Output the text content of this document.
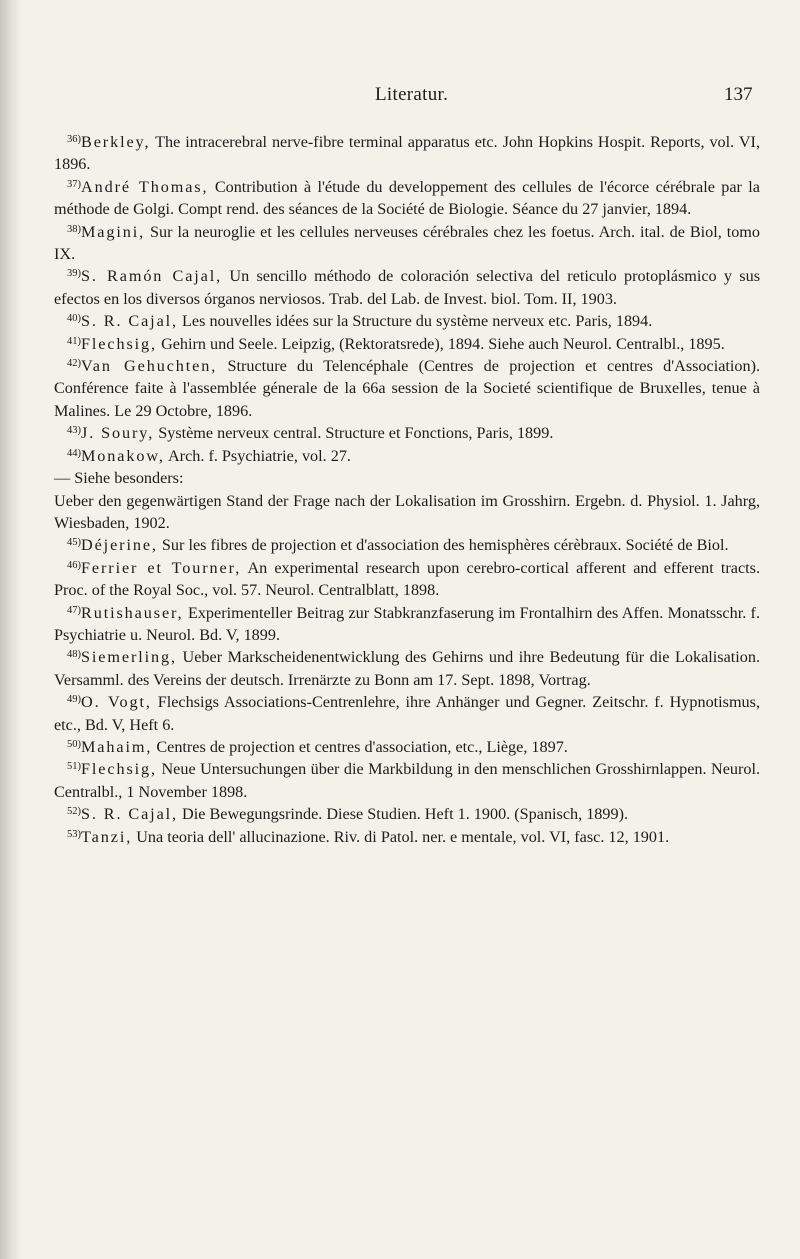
Literatur.	137

$^{36)}$Berkley, The intracerebral nerve-fibre terminal apparatus etc. John Hopkins Hospit. Reports, vol. VI, 1896.

$^{37)}$André Thomas, Contribution à l'étude du developpement des cellules de l'écorce cérébrale par la méthode de Golgi. Compt rend. des séances de la Société de Biologie. Séance du 27 janvier, 1894.

$^{38)}$Magini, Sur la neuroglie et les cellules nerveuses cérébrales chez les foetus. Arch. ital. de Biol, tomo IX.

$^{39)}$S. Ramón Cajal, Un sencillo méthodo de coloración selectiva del reticulo protoplásmico y sus efectos en los diversos órganos nerviosos. Trab. del Lab. de Invest. biol. Tom. II, 1903.

$^{40)}$S. R. Cajal, Les nouvelles idées sur la Structure du système nerveux etc. Paris, 1894.

$^{41)}$Flechsig, Gehirn und Seele. Leipzig, (Rektoratsrede), 1894. Siehe auch Neurol. Centralbl., 1895.

$^{42)}$Van Gehuchten, Structure du Telencéphale (Centres de projection et centres d'Association). Conférence faite à l'assemblée génerale de la 66a session de la Societé scientifique de Bruxelles, tenue à Malines. Le 29 Octobre, 1896.

$^{43)}$J. Soury, Système nerveux central. Structure et Fonctions, Paris, 1899.

$^{44)}$Monakow, Arch. f. Psychiatrie, vol. 27.

— Siehe besonders:

Ueber den gegenwärtigen Stand der Frage nach der Lokalisation im Grosshirn. Ergebn. d. Physiol. 1. Jahrg, Wiesbaden, 1902.

$^{45)}$Déjerine, Sur les fibres de projection et d'association des hemisphères cérèbraux. Société de Biol.

$^{46)}$Ferrier et Tourner, An experimental research upon cerebro-cortical afferent and efferent tracts. Proc. of the Royal Soc., vol. 57. Neurol. Centralblatt, 1898.

$^{47)}$Rutishauser, Experimenteller Beitrag zur Stabkranzfaserung im Frontalhirn des Affen. Monatsschr. f. Psychiatrie u. Neurol. Bd. V, 1899.

$^{48)}$Siemerling, Ueber Markscheidenentwicklung des Gehirns und ihre Bedeutung für die Lokalisation. Versamml. des Vereins der deutsch. Irrenärzte zu Bonn am 17. Sept. 1898, Vortrag.

$^{49)}$O. Vogt, Flechsigs Associations-Centrenlehre, ihre Anhänger und Gegner. Zeitschr. f. Hypnotismus, etc., Bd. V, Heft 6.

$^{50)}$Mahaim, Centres de projection et centres d'association, etc., Liège, 1897.

$^{51)}$Flechsig, Neue Untersuchungen über die Markbildung in den menschlichen Grosshirnlappen. Neurol. Centralbl., 1 November 1898.

$^{52)}$S. R. Cajal, Die Bewegungsrinde. Diese Studien. Heft 1. 1900. (Spanisch, 1899).

$^{53)}$Tanzi, Una teoria dell' allucinazione. Riv. di Patol. ner. e mentale, vol. VI, fasc. 12, 1901.
